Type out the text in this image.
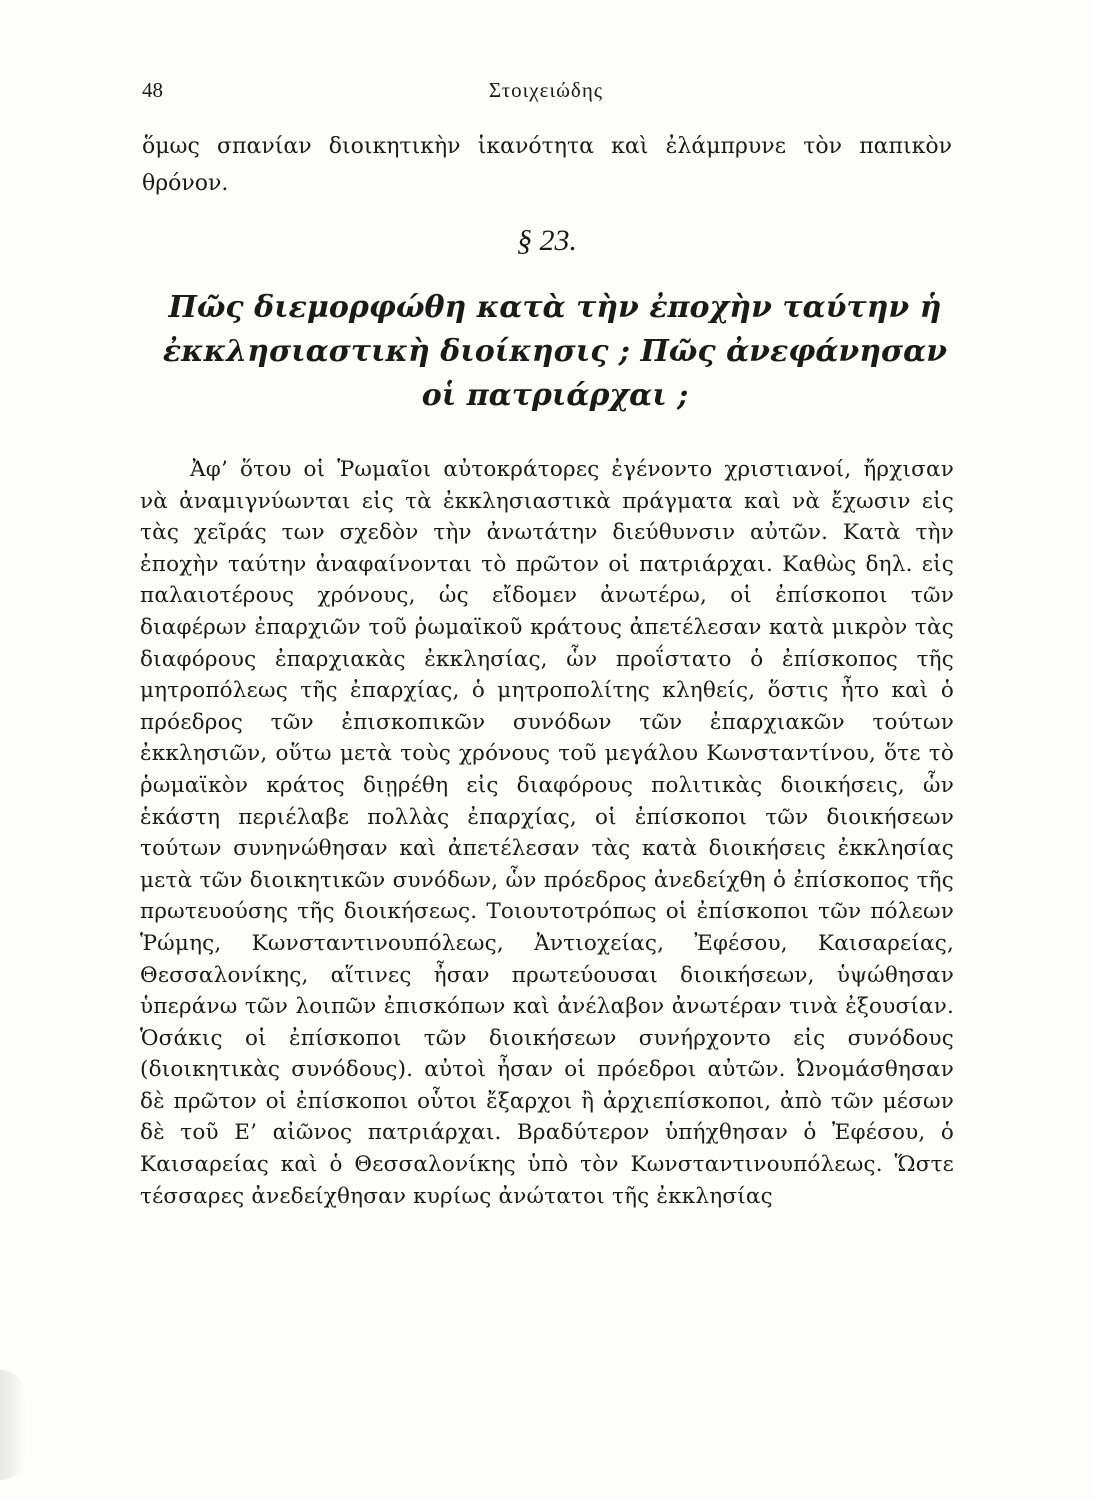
48	Στοιχειώδης

ὅμως σπανίαν διοικητικὴν ἱκανότητα καὶ ἐλάμπρυνε τὸν παπικὸν θρόνον.

§ 23.
Πῶς διεμορφώθη κατὰ τὴν ἐποχὴν ταύτην ἡ ἐκκλησιαστικὴ διοίκησις ; Πῶς ἀνεφάνησαν οἱ πατριάρχαι ;

Ἀφ’ ὅτου οἱ Ῥωμαῖοι αὐτοκράτορες ἐγένοντο χριστιανοί, ἤρχισαν νὰ ἀναμιγνύωνται εἰς τὰ ἐκκλησιαστικὰ πράγματα καὶ νὰ ἔχωσιν εἰς τὰς χεῖράς των σχεδὸν τὴν ἀνωτάτην διεύθυνσιν αὐτῶν. Κατὰ τὴν ἐποχὴν ταύτην ἀναφαίνονται τὸ πρῶτον οἱ πατριάρχαι. Καθὼς δηλ. εἰς παλαιοτέρους χρόνους, ὡς εἴδομεν ἀνωτέρω, οἱ ἐπίσκοποι τῶν διαφέρων ἐπαρχιῶν τοῦ ῥωμαϊκοῦ κράτους ἀπετέλεσαν κατὰ μικρὸν τὰς διαφόρους ἐπαρχιακὰς ἐκκλησίας, ὧν προΐστατο ὁ ἐπίσκοπος τῆς μητροπόλεως τῆς ἐπαρχίας, ὁ μητροπολίτης κληθείς, ὅστις ἦτο καὶ ὁ πρόεδρος τῶν ἐπισκοπικῶν συνόδων τῶν ἐπαρχιακῶν τούτων ἐκκλησιῶν, οὕτω μετὰ τοὺς χρόνους τοῦ μεγάλου Κωνσταντίνου, ὅτε τὸ ῥωμαϊκὸν κράτος διῃρέθη εἰς διαφόρους πολιτικὰς διοικήσεις, ὧν ἑκάστη περιέλαβε πολλὰς ἐπαρχίας, οἱ ἐπίσκοποι τῶν διοικήσεων τούτων συνηνώθησαν καὶ ἀπετέλεσαν τὰς κατὰ διοικήσεις ἐκκλησίας μετὰ τῶν διοικητικῶν συνόδων, ὧν πρόεδρος ἀνεδείχθη ὁ ἐπίσκοπος τῆς πρωτευούσης τῆς διοικήσεως. Τοιουτοτρόπως οἱ ἐπίσκοποι τῶν πόλεων Ῥώμης, Κωνσταντινουπόλεως, Ἀντιοχείας, Ἐφέσου, Καισαρείας, Θεσσαλονίκης, αἵτινες ἦσαν πρωτεύουσαι διοικήσεων, ὑψώθησαν ὑπεράνω τῶν λοιπῶν ἐπισκόπων καὶ ἀνέλαβον ἀνωτέραν τινὰ ἐξουσίαν. Ὁσάκις οἱ ἐπίσκοποι τῶν διοικήσεων συνήρχοντο εἰς συνόδους (διοικητικὰς συνόδους). αὐτοὶ ἦσαν οἱ πρόεδροι αὐτῶν. Ὠνομάσθησαν δὲ πρῶτον οἱ ἐπίσκοποι οὗτοι ἔξαρχοι ἢ ἀρχιεπίσκοποι, ἀπὸ τῶν μέσων δὲ τοῦ Ε’ αἰῶνος πατριάρχαι. Βραδύτερον ὑπήχθησαν ὁ Ἐφέσου, ὁ Καισαρείας καὶ ὁ Θεσσαλονίκης ὑπὸ τὸν Κωνσταντινουπόλεως. Ὥστε τέσσαρες ἀνεδείχθησαν κυρίως ἀνώτατοι τῆς ἐκκλησίας
